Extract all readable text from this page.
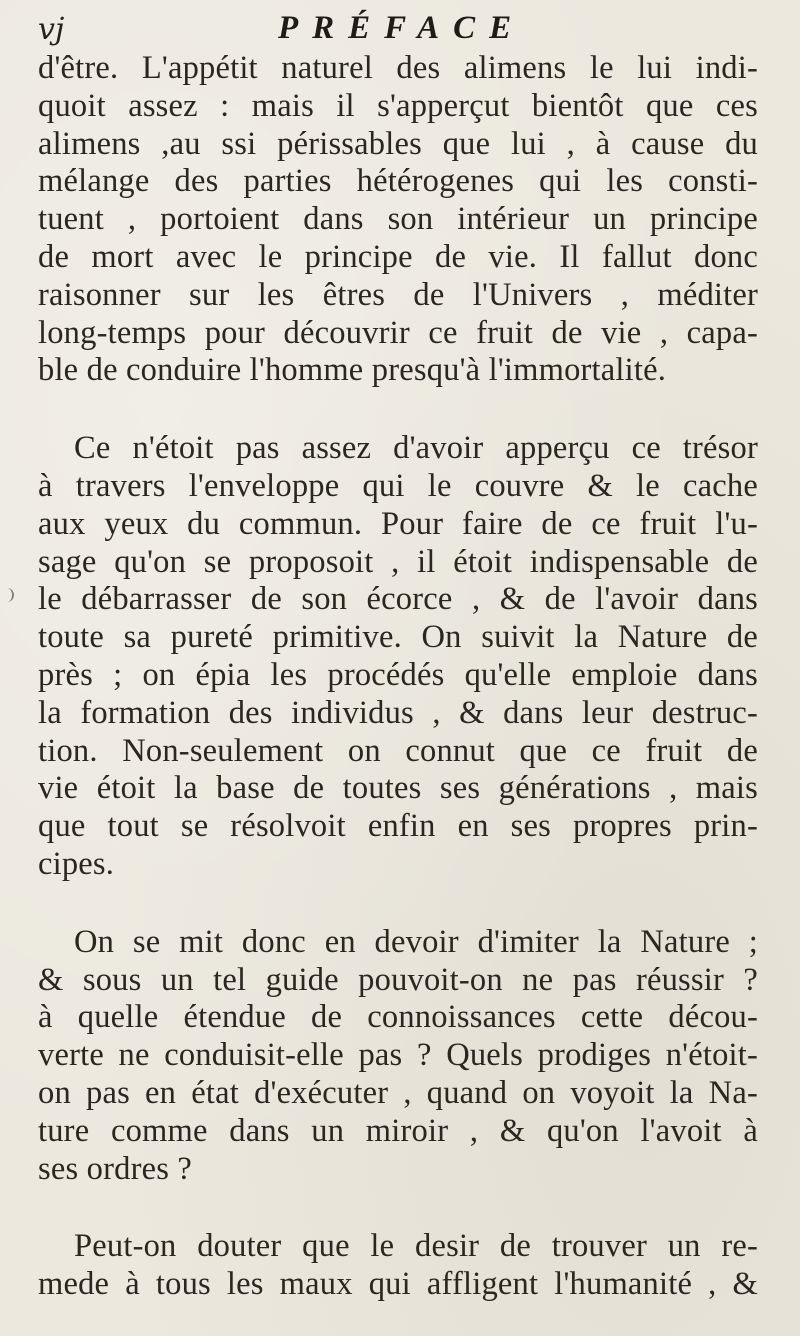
vj	PRÉFACE
d'être. L'appétit naturel des alimens le lui indi-
quoit assez : mais il s'apperçut bientôt que ces
alimens ,au ssi périssables que lui , à cause du
mélange des parties hétérogenes qui les consti-
tuent , portoient dans son intérieur un principe
de mort avec le principe de vie. Il fallut donc
raisonner sur les êtres de l'Univers , méditer
long-temps pour découvrir ce fruit de vie , capa-
ble de conduire l'homme presqu'à l'immortalité.
Ce n'étoit pas assez d'avoir apperçu ce trésor
à travers l'enveloppe qui le couvre & le cache
aux yeux du commun. Pour faire de ce fruit l'u-
sage qu'on se proposoit , il étoit indispensable de
le débarrasser de son écorce , & de l'avoir dans
toute sa pureté primitive. On suivit la Nature de
près ; on épia les procédés qu'elle emploie dans
la formation des individus , & dans leur destruc-
tion. Non-seulement on connut que ce fruit de
vie étoit la base de toutes ses générations , mais
que tout se résolvoit enfin en ses propres prin-
cipes.
On se mit donc en devoir d'imiter la Nature ;
& sous un tel guide pouvoit-on ne pas réussir ?
à quelle étendue de connoissances cette décou-
verte ne conduisit-elle pas ? Quels prodiges n'étoit-
on pas en état d'exécuter , quand on voyoit la Na-
ture comme dans un miroir , & qu'on l'avoit à
ses ordres ?
Peut-on douter que le desir de trouver un re-
mede à tous les maux qui affligent l'humanité , &
